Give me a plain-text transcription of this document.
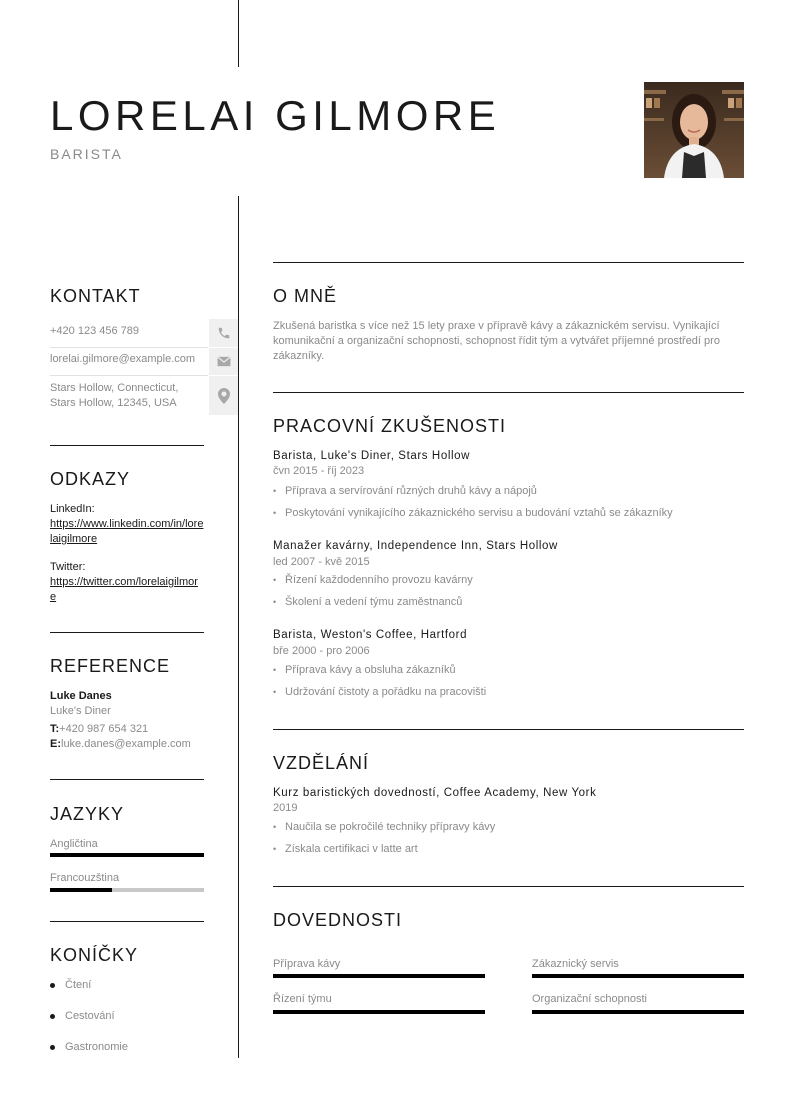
LORELAI GILMORE
BARISTA
KONTAKT
+420 123 456 789
lorelai.gilmore@example.com
Stars Hollow, Connecticut,
Stars Hollow, 12345, USA
ODKAZY
LinkedIn:
https://www.linkedin.com/in/lorelaigilmore
Twitter:
https://twitter.com/lorelaigilmore
REFERENCE
Luke Danes
Luke's Diner
T:+420 987 654 321
E:luke.danes@example.com
JAZYKY
Angličtina
Francouzština
KONÍČKY
Čtení
Cestování
Gastronomie
O MNĚ
Zkušená baristka s více než 15 lety praxe v přípravě kávy a zákaznickém servisu. Vynikající komunikační a organizační schopnosti, schopnost řídit tým a vytvářet příjemné prostředí pro zákazníky.
PRACOVNÍ ZKUŠENOSTI
Barista, Luke's Diner, Stars Hollow
čvn 2015 - říj 2023
• Příprava a servírování různých druhů kávy a nápojů
• Poskytování vynikajícího zákaznického servisu a budování vztahů se zákazníky
Manažer kavárny, Independence Inn, Stars Hollow
led 2007 - kvě 2015
• Řízení každodenního provozu kavárny
• Školení a vedení týmu zaměstnanců
Barista, Weston's Coffee, Hartford
bře 2000 - pro 2006
• Příprava kávy a obsluha zákazníků
• Udržování čistoty a pořádku na pracovišti
VZDĚLÁNÍ
Kurz baristických dovedností, Coffee Academy, New York
2019
• Naučila se pokročilé techniky přípravy kávy
• Získala certifikaci v latte art
DOVEDNOSTI
Příprava kávy	Zákaznický servis
Řízení týmu	Organizační schopnosti
